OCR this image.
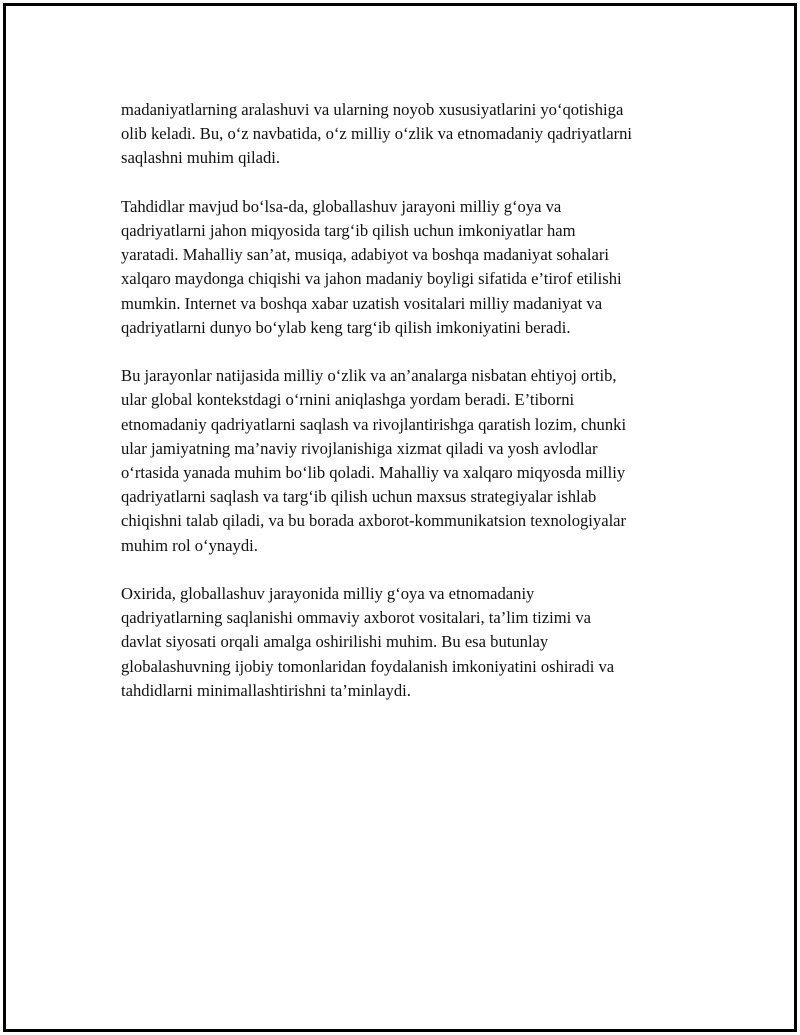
madaniyatlarning aralashuvi va ularning noyob xususiyatlarini yo‘qotishiga
olib keladi. Bu, o‘z navbatida, o‘z milliy o‘zlik va etnomadaniy qadriyatlarni
saqlashni muhim qiladi.

Tahdidlar mavjud bo‘lsa-da, globallashuv jarayoni milliy g‘oya va
qadriyatlarni jahon miqyosida targ‘ib qilish uchun imkoniyatlar ham
yaratadi. Mahalliy san’at, musiqa, adabiyot va boshqa madaniyat sohalari
xalqaro maydonga chiqishi va jahon madaniy boyligi sifatida e’tirof etilishi
mumkin. Internet va boshqa xabar uzatish vositalari milliy madaniyat va
qadriyatlarni dunyo bo‘ylab keng targ‘ib qilish imkoniyatini beradi.

Bu jarayonlar natijasida milliy o‘zlik va an’analarga nisbatan ehtiyoj ortib,
ular global kontekstdagi o‘rnini aniqlashga yordam beradi. E’tiborni
etnomadaniy qadriyatlarni saqlash va rivojlantirishga qaratish lozim, chunki
ular jamiyatning ma’naviy rivojlanishiga xizmat qiladi va yosh avlodlar
o‘rtasida yanada muhim bo‘lib qoladi. Mahalliy va xalqaro miqyosda milliy
qadriyatlarni saqlash va targ‘ib qilish uchun maxsus strategiyalar ishlab
chiqishni talab qiladi, va bu borada axborot-kommunikatsion texnologiyalar
muhim rol o‘ynaydi.

Oxirida, globallashuv jarayonida milliy g‘oya va etnomadaniy
qadriyatlarning saqlanishi ommaviy axborot vositalari, ta’lim tizimi va
davlat siyosati orqali amalga oshirilishi muhim. Bu esa butunlay
globalashuvning ijobiy tomonlaridan foydalanish imkoniyatini oshiradi va
tahdidlarni minimallashtirishni ta’minlaydi.
